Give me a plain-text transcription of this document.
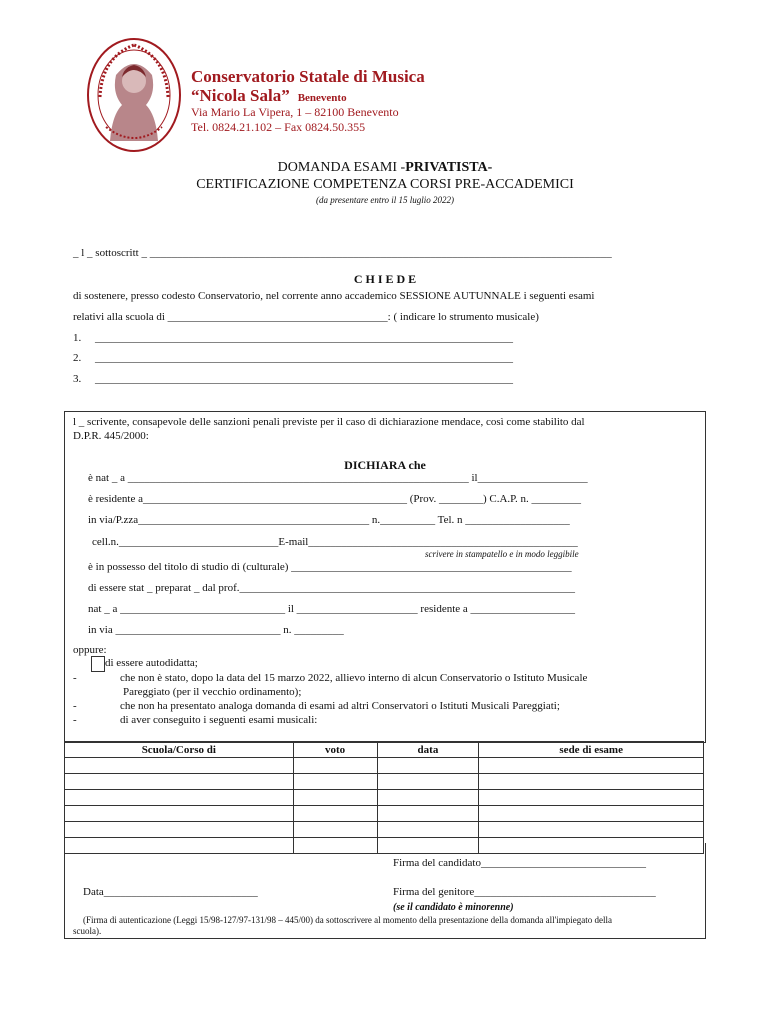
Conservatorio Statale di Musica
“Nicola Sala” Benevento
Via Mario La Vipera, 1 – 82100 Benevento
Tel. 0824.21.102 – Fax 0824.50.355
DOMANDA ESAMI -PRIVATISTA-
CERTIFICAZIONE COMPETENZA CORSI PRE-ACCADEMICI
(da presentare entro il 15 luglio 2022)
_ l _ sottoscritt _ ____________________________________________________________________________________
C H I E D E
di sostenere, presso codesto Conservatorio, nel corrente anno accademico SESSIONE AUTUNNALE i seguenti esami
relativi alla scuola di ________________________________________: ( indicare lo strumento musicale)
1. ____________________________________________________________________________
2. ____________________________________________________________________________
3. ____________________________________________________________________________
l _ scrivente, consapevole delle sanzioni penali previste per il caso di dichiarazione mendace, così come stabilito dal
D.P.R. 445/2000:
DICHIARA che
è nat _ a ______________________________________________________________ il____________________
è residente a________________________________________________ (Prov. ________) C.A.P. n. _________
in via/P.zza__________________________________________ n.__________ Tel. n ___________________
cell.n._____________________________E-mail_________________________________________________
scrivere in stampatello e in modo leggibile
è in possesso del titolo di studio di (culturale) ___________________________________________________
di essere stat _ preparat _ dal prof._____________________________________________________________
nat _ a ______________________________ il ______________________ residente a ___________________
in via ______________________________ n. _________
oppure:
di essere autodidatta;
-	che non è stato, dopo la data del 15 marzo 2022, allievo interno di alcun Conservatorio o Istituto Musicale
Pareggiato (per il vecchio ordinamento);
-	che non ha presentato analoga domanda di esami ad altri Conservatori o Istituti Musicali Pareggiati;
-	di aver conseguito i seguenti esami musicali:
Scuola/Corso di	voto	data	sede di esame

Firma del candidato______________________________
Data____________________________	Firma del genitore_________________________________
(se il candidato è minorenne)
(Firma di autenticazione (Leggi 15/98-127/97-131/98 – 445/00) da sottoscrivere al momento della presentazione della domanda all'impiegato della
scuola).
